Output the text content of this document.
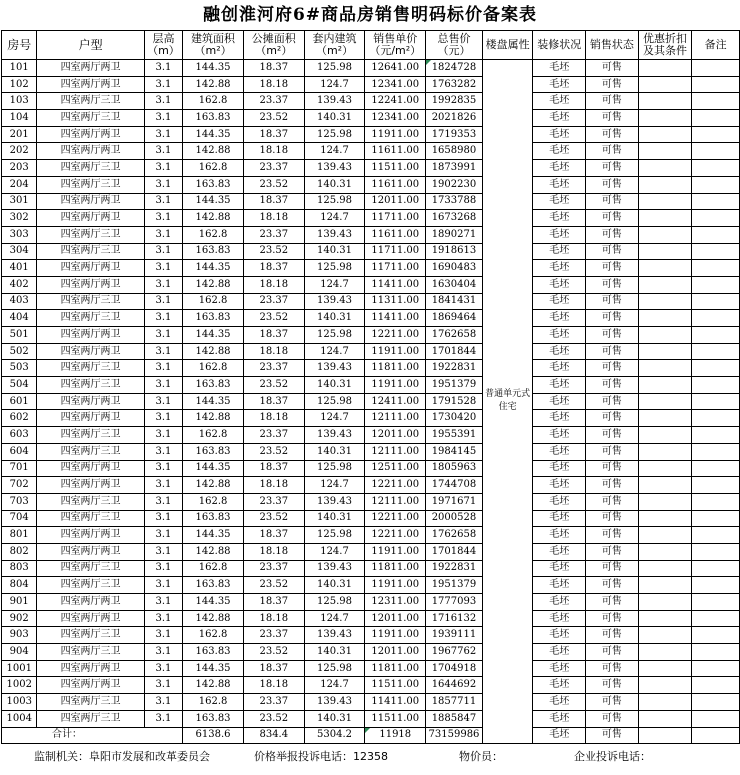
融创淮河府6#商品房销售明码标价备案表
房号	户型	层高（m）	建筑面积（m²）	公摊面积（m²）	套内建筑（m²）	销售单价（元/m²）	总售价（元）	楼盘属性	装修状况	销售状态	优惠折扣及其条件	备注
101	四室两厅两卫	3.1	144.35	18.37	125.98	12641.00	1824728	普通单元式住宅	毛坯	可售		
102	四室两厅两卫	3.1	142.88	18.18	124.7	12341.00	1763282		毛坯	可售		
103	四室两厅三卫	3.1	162.8	23.37	139.43	12241.00	1992835		毛坯	可售		
104	四室两厅三卫	3.1	163.83	23.52	140.31	12341.00	2021826		毛坯	可售		
201	四室两厅两卫	3.1	144.35	18.37	125.98	11911.00	1719353		毛坯	可售		
202	四室两厅两卫	3.1	142.88	18.18	124.7	11611.00	1658980		毛坯	可售		
203	四室两厅三卫	3.1	162.8	23.37	139.43	11511.00	1873991		毛坯	可售		
204	四室两厅三卫	3.1	163.83	23.52	140.31	11611.00	1902230		毛坯	可售		
301	四室两厅两卫	3.1	144.35	18.37	125.98	12011.00	1733788		毛坯	可售		
302	四室两厅两卫	3.1	142.88	18.18	124.7	11711.00	1673268		毛坯	可售		
303	四室两厅三卫	3.1	162.8	23.37	139.43	11611.00	1890271		毛坯	可售		
304	四室两厅三卫	3.1	163.83	23.52	140.31	11711.00	1918613		毛坯	可售		
401	四室两厅两卫	3.1	144.35	18.37	125.98	11711.00	1690483		毛坯	可售		
402	四室两厅两卫	3.1	142.88	18.18	124.7	11411.00	1630404		毛坯	可售		
403	四室两厅三卫	3.1	162.8	23.37	139.43	11311.00	1841431		毛坯	可售		
404	四室两厅三卫	3.1	163.83	23.52	140.31	11411.00	1869464		毛坯	可售		
501	四室两厅两卫	3.1	144.35	18.37	125.98	12211.00	1762658		毛坯	可售		
502	四室两厅两卫	3.1	142.88	18.18	124.7	11911.00	1701844		毛坯	可售		
503	四室两厅三卫	3.1	162.8	23.37	139.43	11811.00	1922831		毛坯	可售		
504	四室两厅三卫	3.1	163.83	23.52	140.31	11911.00	1951379		毛坯	可售		
601	四室两厅两卫	3.1	144.35	18.37	125.98	12411.00	1791528		毛坯	可售		
602	四室两厅两卫	3.1	142.88	18.18	124.7	12111.00	1730420		毛坯	可售		
603	四室两厅三卫	3.1	162.8	23.37	139.43	12011.00	1955391		毛坯	可售		
604	四室两厅三卫	3.1	163.83	23.52	140.31	12111.00	1984145		毛坯	可售		
701	四室两厅两卫	3.1	144.35	18.37	125.98	12511.00	1805963		毛坯	可售		
702	四室两厅两卫	3.1	142.88	18.18	124.7	12211.00	1744708		毛坯	可售		
703	四室两厅三卫	3.1	162.8	23.37	139.43	12111.00	1971671		毛坯	可售		
704	四室两厅三卫	3.1	163.83	23.52	140.31	12211.00	2000528		毛坯	可售		
801	四室两厅两卫	3.1	144.35	18.37	125.98	12211.00	1762658		毛坯	可售		
802	四室两厅两卫	3.1	142.88	18.18	124.7	11911.00	1701844		毛坯	可售		
803	四室两厅三卫	3.1	162.8	23.37	139.43	11811.00	1922831		毛坯	可售		
804	四室两厅三卫	3.1	163.83	23.52	140.31	11911.00	1951379		毛坯	可售		
901	四室两厅两卫	3.1	144.35	18.37	125.98	12311.00	1777093		毛坯	可售		
902	四室两厅两卫	3.1	142.88	18.18	124.7	12011.00	1716132		毛坯	可售		
903	四室两厅三卫	3.1	162.8	23.37	139.43	11911.00	1939111		毛坯	可售		
904	四室两厅三卫	3.1	163.83	23.52	140.31	12011.00	1967762		毛坯	可售		
1001	四室两厅两卫	3.1	144.35	18.37	125.98	11811.00	1704918		毛坯	可售		
1002	四室两厅两卫	3.1	142.88	18.18	124.7	11511.00	1644692		毛坯	可售		
1003	四室两厅三卫	3.1	162.8	23.37	139.43	11411.00	1857711		毛坯	可售		
1004	四室两厅三卫	3.1	163.83	23.52	140.31	11511.00	1885847		毛坯	可售		
合计：			6138.6	834.4	5304.2	11918	73159986		毛坯	可售		
监制机关：阜阳市发展和改革委员会	价格举报投诉电话：12358	物价员：	企业投诉电话：
